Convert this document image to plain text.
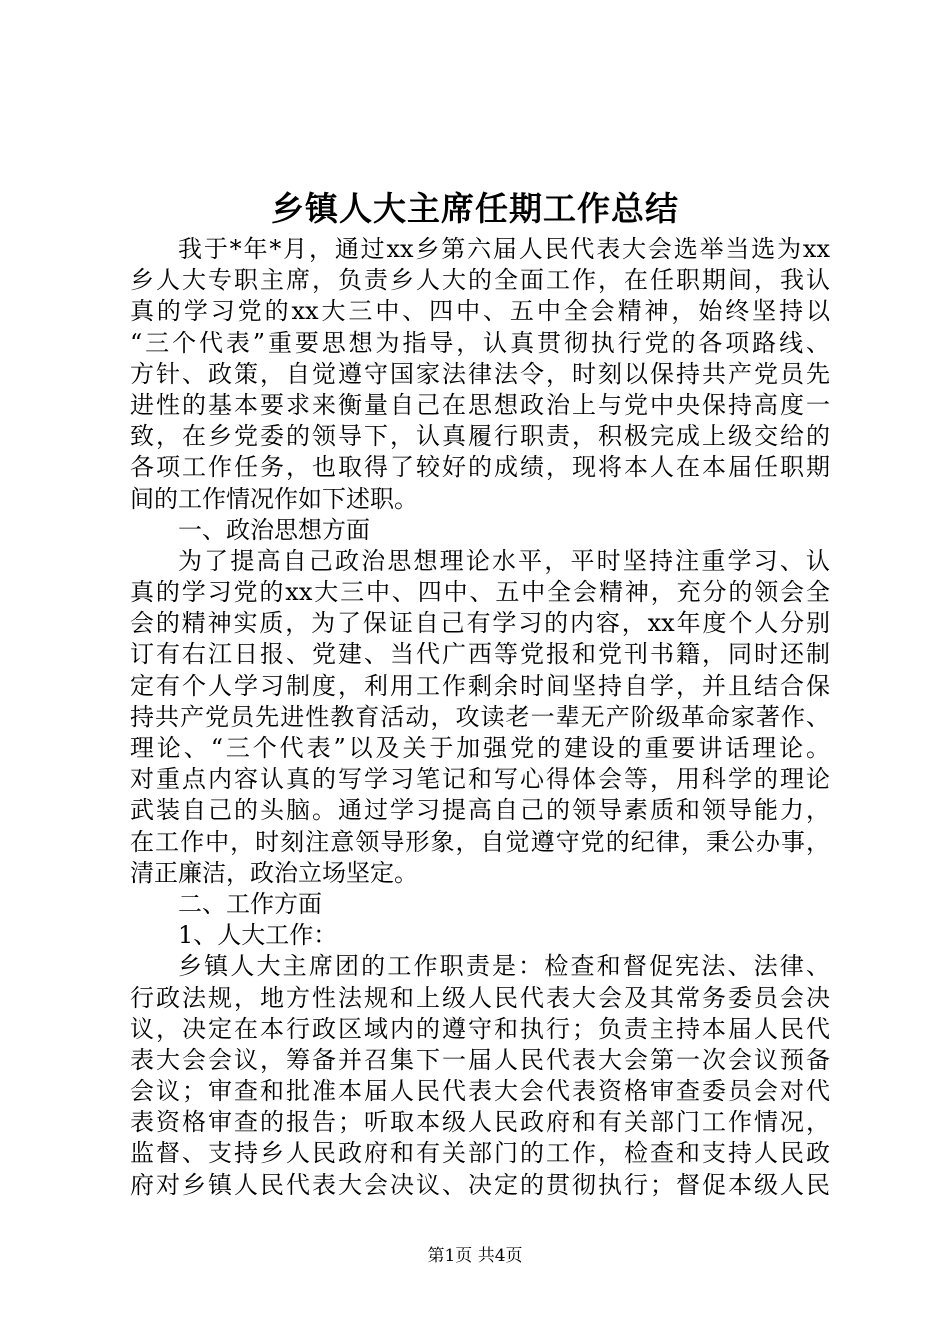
乡镇人大主席任期工作总结
我于*年*月，通过xx乡第六届人民代表大会选举当选为xx
乡人大专职主席，负责乡人大的全面工作，在任职期间，我认
真的学习党的xx大三中、四中、五中全会精神，始终坚持以
“三个代表”重要思想为指导，认真贯彻执行党的各项路线、
方针、政策，自觉遵守国家法律法令，时刻以保持共产党员先
进性的基本要求来衡量自己在思想政治上与党中央保持高度一
致，在乡党委的领导下，认真履行职责，积极完成上级交给的
各项工作任务，也取得了较好的成绩，现将本人在本届任职期
间的工作情况作如下述职。
一、政治思想方面
为了提高自己政治思想理论水平，平时坚持注重学习、认
真的学习党的xx大三中、四中、五中全会精神，充分的领会全
会的精神实质，为了保证自己有学习的内容，xx年度个人分别
订有右江日报、党建、当代广西等党报和党刊书籍，同时还制
定有个人学习制度，利用工作剩余时间坚持自学，并且结合保
持共产党员先进性教育活动，攻读老一辈无产阶级革命家著作、
理论、“三个代表”以及关于加强党的建设的重要讲话理论。
对重点内容认真的写学习笔记和写心得体会等，用科学的理论
武装自己的头脑。通过学习提高自己的领导素质和领导能力，
在工作中，时刻注意领导形象，自觉遵守党的纪律，秉公办事，
清正廉洁，政治立场坚定。
二、工作方面
1、人大工作：
乡镇人大主席团的工作职责是：检查和督促宪法、法律、
行政法规，地方性法规和上级人民代表大会及其常务委员会决
议，决定在本行政区域内的遵守和执行；负责主持本届人民代
表大会会议，筹备并召集下一届人民代表大会第一次会议预备
会议；审查和批准本届人民代表大会代表资格审查委员会对代
表资格审查的报告；听取本级人民政府和有关部门工作情况，
监督、支持乡人民政府和有关部门的工作，检查和支持人民政
府对乡镇人民代表大会决议、决定的贯彻执行；督促本级人民
第1页 共4页
